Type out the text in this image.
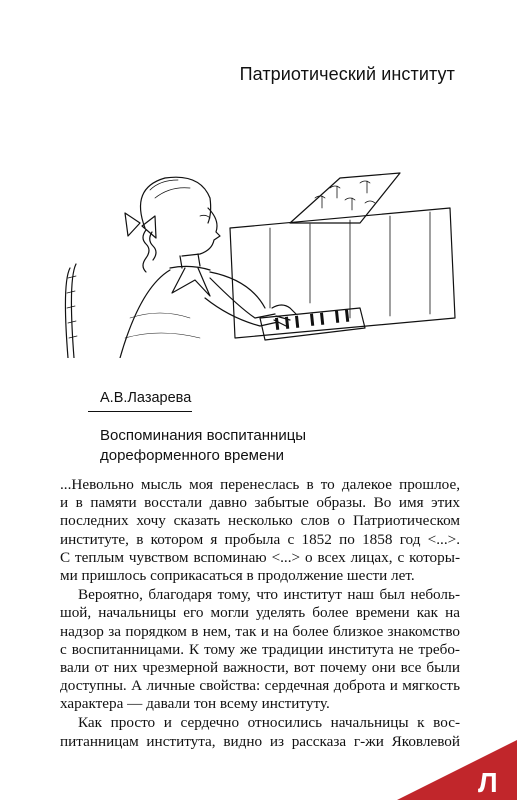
Патриотический институт
А.В.Лазарева
Воспоминания воспитанницы
дореформенного времени
...Невольно мысль моя перенеслась в то далекое прошлое,
и в памяти восстали давно забытые образы. Во имя этих
последних хочу сказать несколько слов о Патриотическом
институте, в котором я пробыла с 1852 по 1858 год <...>.
С теплым чувством вспоминаю <...> о всех лицах, с которы-
ми пришлось соприкасаться в продолжение шести лет.
Вероятно, благодаря тому, что институт наш был неболь-
шой, начальницы его могли уделять более времени как на
надзор за порядком в нем, так и на более близкое знакомство
с воспитанницами. К тому же традиции института не требо-
вали от них чрезмерной важности, вот почему они все были
доступны. А личные свойства: сердечная доброта и мягкость
характера — давали тон всему институту.
Как просто и сердечно относились начальницы к вос-
питанницам института, видно из рассказа г-жи Яковлевой
Л
